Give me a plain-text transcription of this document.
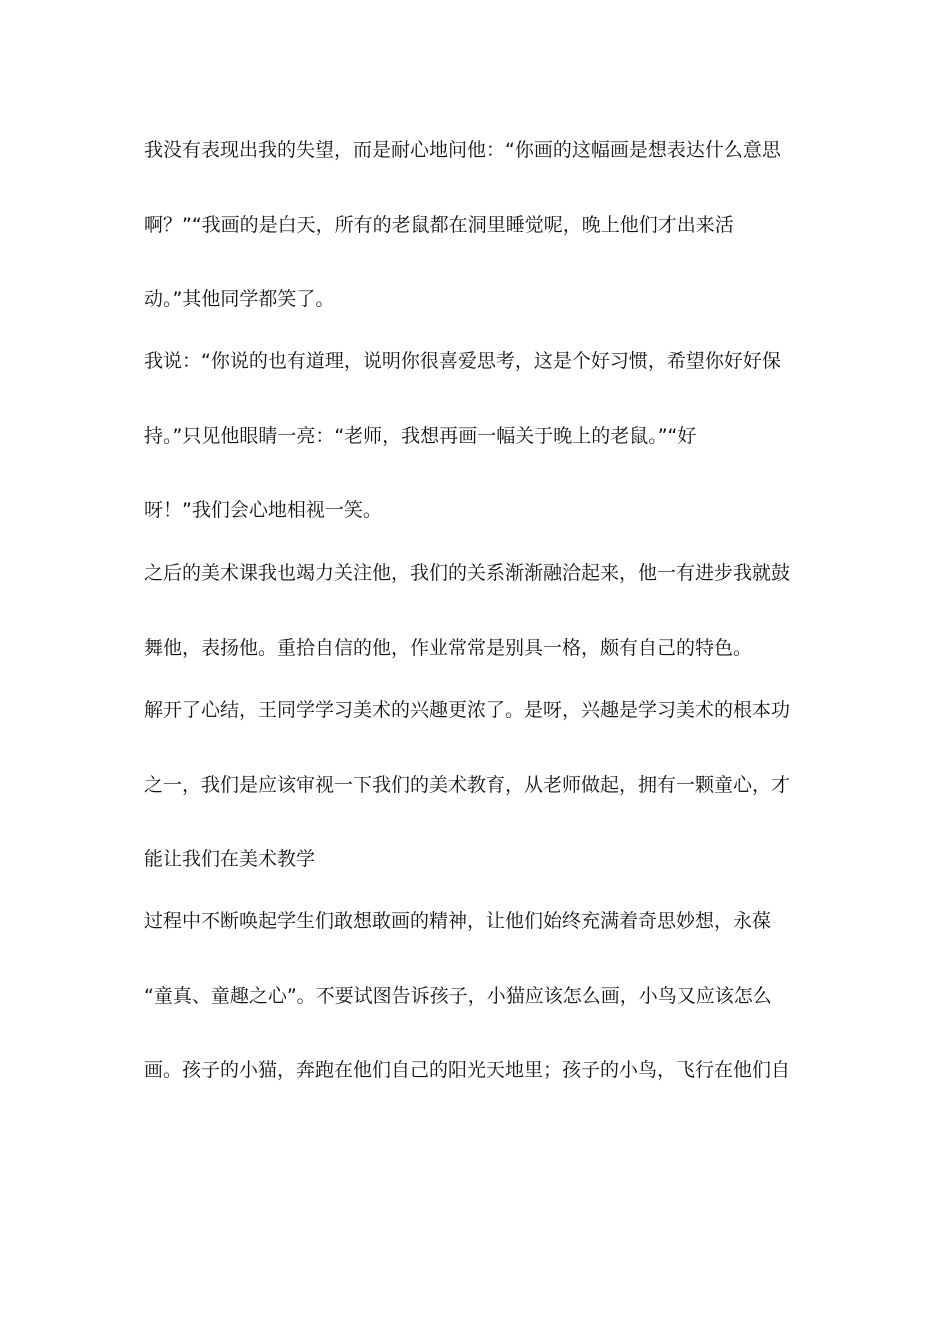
我没有表现出我的失望，而是耐心地问他：“你画的这幅画是想表达什么意思
啊？”“我画的是白天，所有的老鼠都在洞里睡觉呢，晚上他们才出来活
动。”其他同学都笑了。
我说：“你说的也有道理，说明你很喜爱思考，这是个好习惯，希望你好好保
持。”只见他眼睛一亮：“老师，我想再画一幅关于晚上的老鼠。”“好
呀！”我们会心地相视一笑。
之后的美术课我也竭力关注他，我们的关系渐渐融洽起来，他一有进步我就鼓
舞他，表扬他。重拾自信的他，作业常常是别具一格，颇有自己的特色。
解开了心结，王同学学习美术的兴趣更浓了。是呀，兴趣是学习美术的根本功
之一，我们是应该审视一下我们的美术教育，从老师做起，拥有一颗童心，才
能让我们在美术教学
过程中不断唤起学生们敢想敢画的精神，让他们始终充满着奇思妙想，永葆
“童真、童趣之心”。不要试图告诉孩子，小猫应该怎么画，小鸟又应该怎么
画。孩子的小猫，奔跑在他们自己的阳光天地里；孩子的小鸟，飞行在他们自
